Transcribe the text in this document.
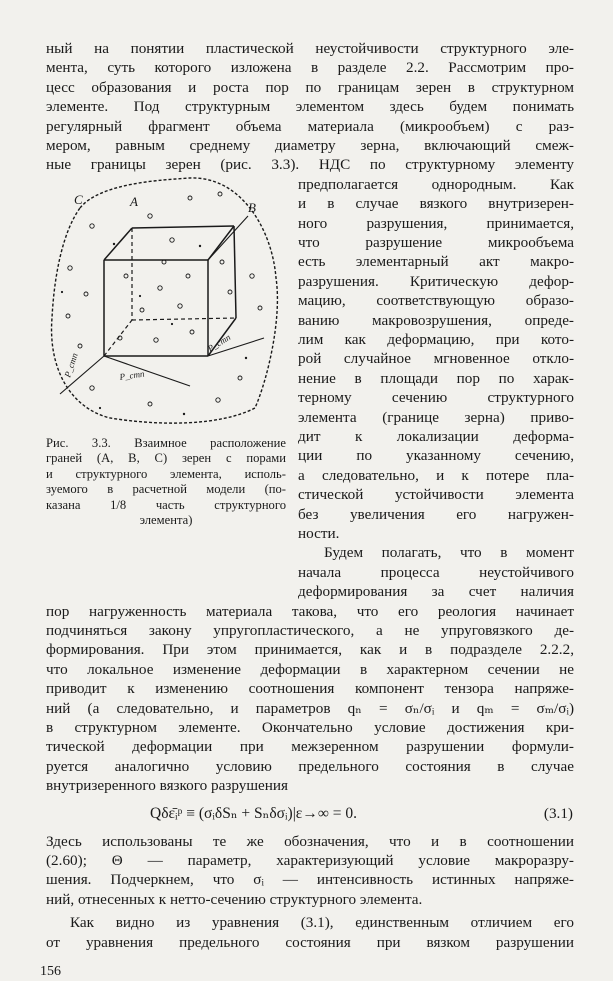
ный на понятии пластической неустойчивости структурного эле-
мента, суть которого изложена в разделе 2.2. Рассмотрим про-
цесс образования и роста пор по границам зерен в структурном
элементе. Под структурным элементом здесь будем понимать
регулярный фрагмент объема материала (микрообъем) с раз-
мером, равным среднему диаметру зерна, включающий смеж-
ные границы зерен (рис. 3.3). НДС по структурному элементу
C
B
A
P_стп	P_стп
P_стп
Рис. 3.3. Взаимное расположение
граней (A, B, C) зерен с порами
и структурного элемента, исполь-
зуемого в расчетной модели (по-
казана 1/8 часть структурного
элемента)
предполагается однородным. Как
и в случае вязкого внутризерен-
ного разрушения, принимается,
что разрушение микрообъема
есть элементарный акт макро-
разрушения. Критическую дефор-
мацию, соответствующую образо-
ванию макровозрушения, опреде-
лим как деформацию, при кото-
рой случайное мгновенное откло-
нение в площади пор по харак-
терному сечению структурного
элемента (границе зерна) приво-
дит к локализации деформа-
ции по указанному сечению,
а следовательно, и к потере пла-
стической устойчивости элемента
без увеличения его нагружен-
ности.
Будем полагать, что в момент
начала процесса неустойчивого
деформирования за счет наличия
пор нагруженность материала такова, что его реология начинает
подчиняться закону упругопластического, а не упруговязкого де-
формирования. При этом принимается, как и в подразделе 2.2.2,
что локальное изменение деформации в характерном сечении не
приводит к изменению соотношения компонент тензора напряже-
ний (а следовательно, и параметров qₙ = σₙ/σᵢ и qₘ = σₘ/σᵢ)
в структурном элементе. Окончательно условие достижения кри-
тической деформации при межзеренном разрушении формули-
руется аналогично условию предельного состояния в случае
внутризеренного вязкого разрушения
Qδε̄ᵢᵖ ≡ (σᵢδSₙ + Sₙδσᵢ)|ε→∞ = 0.	(3.1)
Здесь использованы те же обозначения, что и в соотношении
(2.60); Θ — параметр, характеризующий условие макроразру-
шения. Подчеркнем, что σᵢ — интенсивность истинных напряже-
ний, отнесенных к нетто-сечению структурного элемента.
Как видно из уравнения (3.1), единственным отличием его
156
от уравнения предельного состояния при вязком разрушении
